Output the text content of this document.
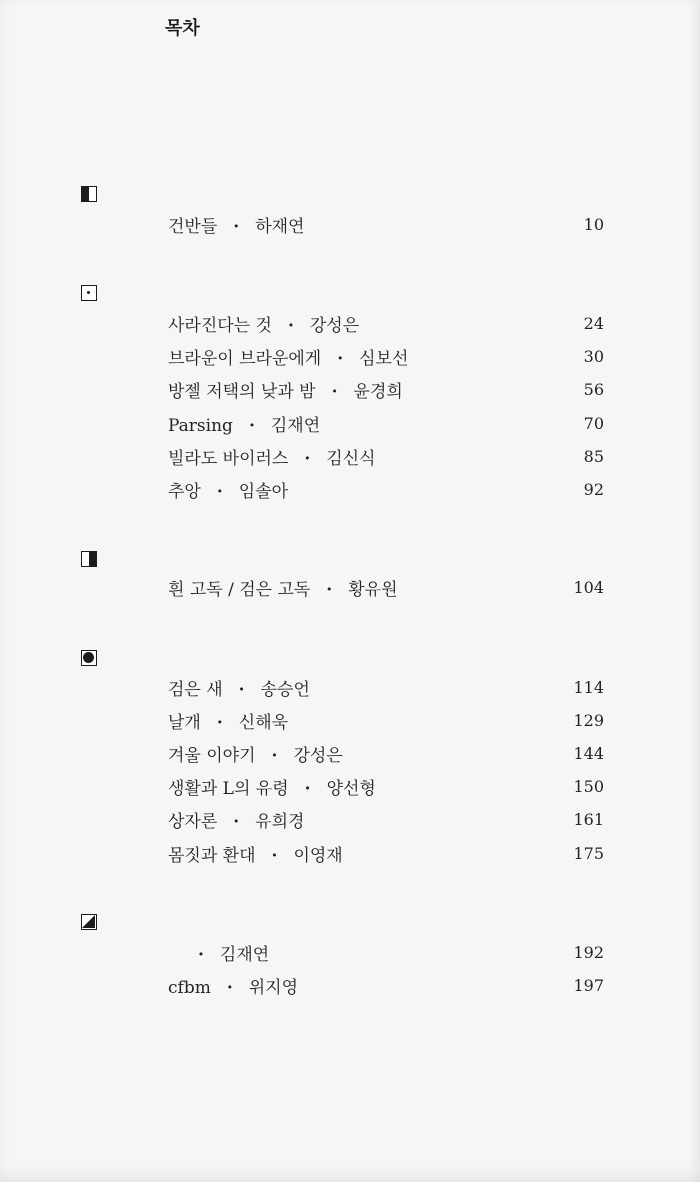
목차
건반들 · 하재연	10
사라진다는 것 · 강성은	24
브라운이 브라운에게 · 심보선	30
방젤 저택의 낮과 밤 · 윤경희	56
Parsing · 김재연	70
빌라도 바이러스 · 김신식	85
추앙 · 임솔아	92
흰 고독 / 검은 고독 · 황유원	104
검은 새 · 송승언	114
날개 · 신해욱	129
겨울 이야기 · 강성은	144
생활과 L의 유령 · 양선형	150
상자론 · 유희경	161
몸짓과 환대 · 이영재	175
· 김재연	192
cfbm · 위지영	197
